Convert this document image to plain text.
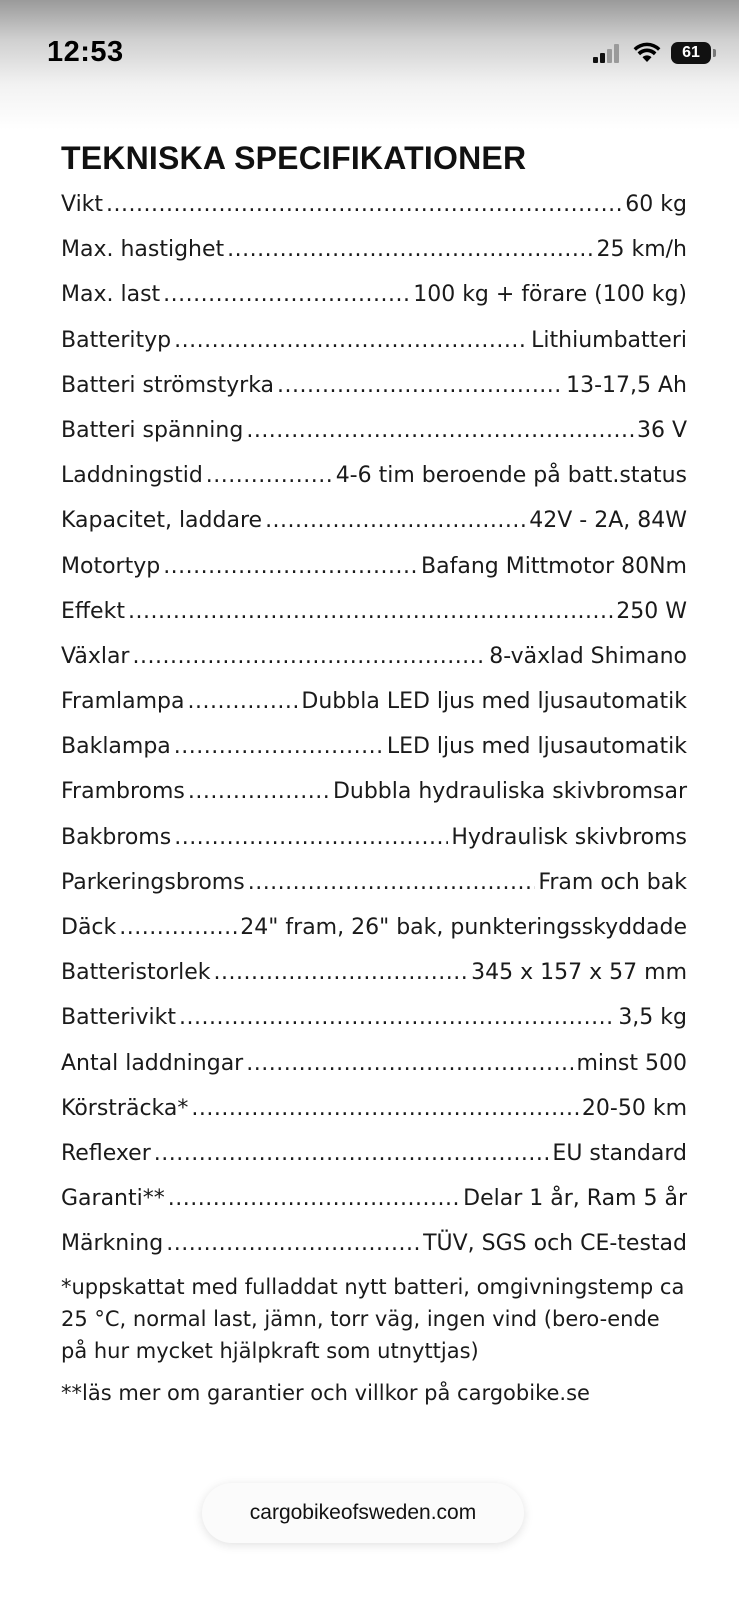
12:53	61
TEKNISKA SPECIFIKATIONER
Vikt .....	60 kg
Max. hastighet .....	25 km/h
Max. last .....	100 kg + förare (100 kg)
Batterityp .....	Lithiumbatteri
Batteri strömstyrka .....	13-17,5 Ah
Batteri spänning .....	36 V
Laddningstid .....	4-6 tim beroende på batt.status
Kapacitet, laddare .....	42V - 2A, 84W
Motortyp .....	Bafang Mittmotor 80Nm
Effekt .....	250 W
Växlar .....	8-växlad Shimano
Framlampa .....	Dubbla LED ljus med ljusautomatik
Baklampa .....	LED ljus med ljusautomatik
Frambroms .....	Dubbla hydrauliska skivbromsar
Bakbroms .....	Hydraulisk skivbroms
Parkeringsbroms .....	Fram och bak
Däck .....	24" fram, 26" bak, punkteringsskyddade
Batteristorlek .....	345 x 157 x 57 mm
Batterivikt .....	3,5 kg
Antal laddningar .....	minst 500
Körsträcka* .....	20-50 km
Reflexer .....	EU standard
Garanti** .....	Delar 1 år, Ram 5 år
Märkning .....	TÜV, SGS och CE-testad

*uppskattat med fulladdat nytt batteri, omgivningstemp ca 25 °C, normal last, jämn, torr väg, ingen vind (bero-ende på hur mycket hjälpkraft som utnyttjas)

**läs mer om garantier och villkor på cargobike.se

cargobikeofsweden.com
